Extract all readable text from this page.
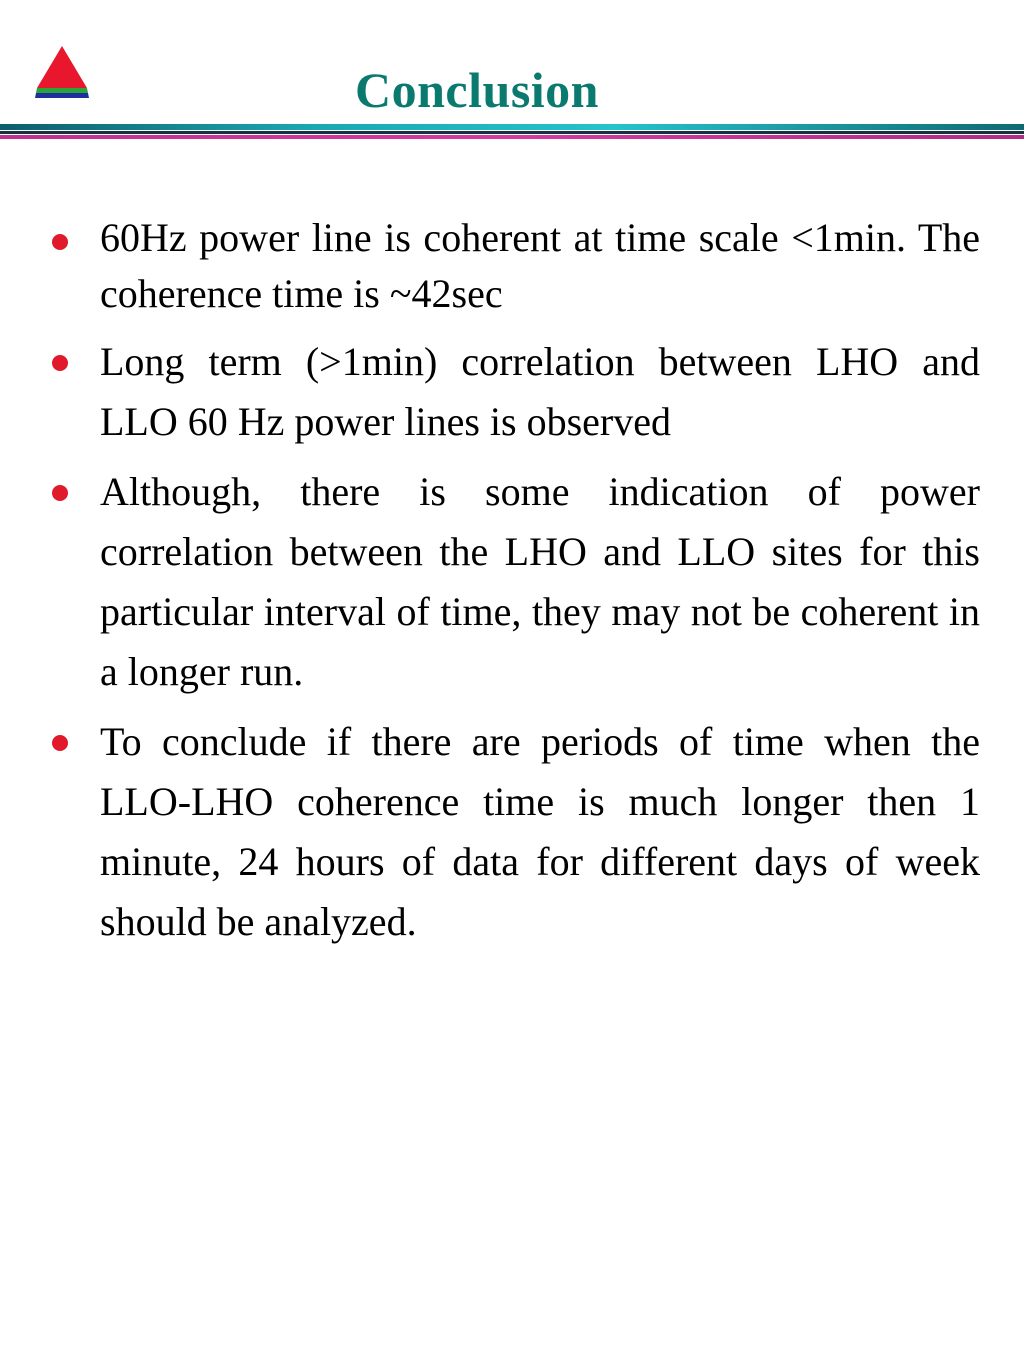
Conclusion

60Hz power line is coherent at time scale <1min. The coherence time is ~42sec

Long term (>1min) correlation between LHO and LLO 60 Hz power lines is observed

Although, there is some indication of power correlation between the LHO and LLO sites for this particular interval of time, they may not be coherent in a longer run.

To conclude if there are periods of time when the LLO-LHO coherence time is much longer then 1 minute, 24 hours of data for different days of week should be analyzed.
